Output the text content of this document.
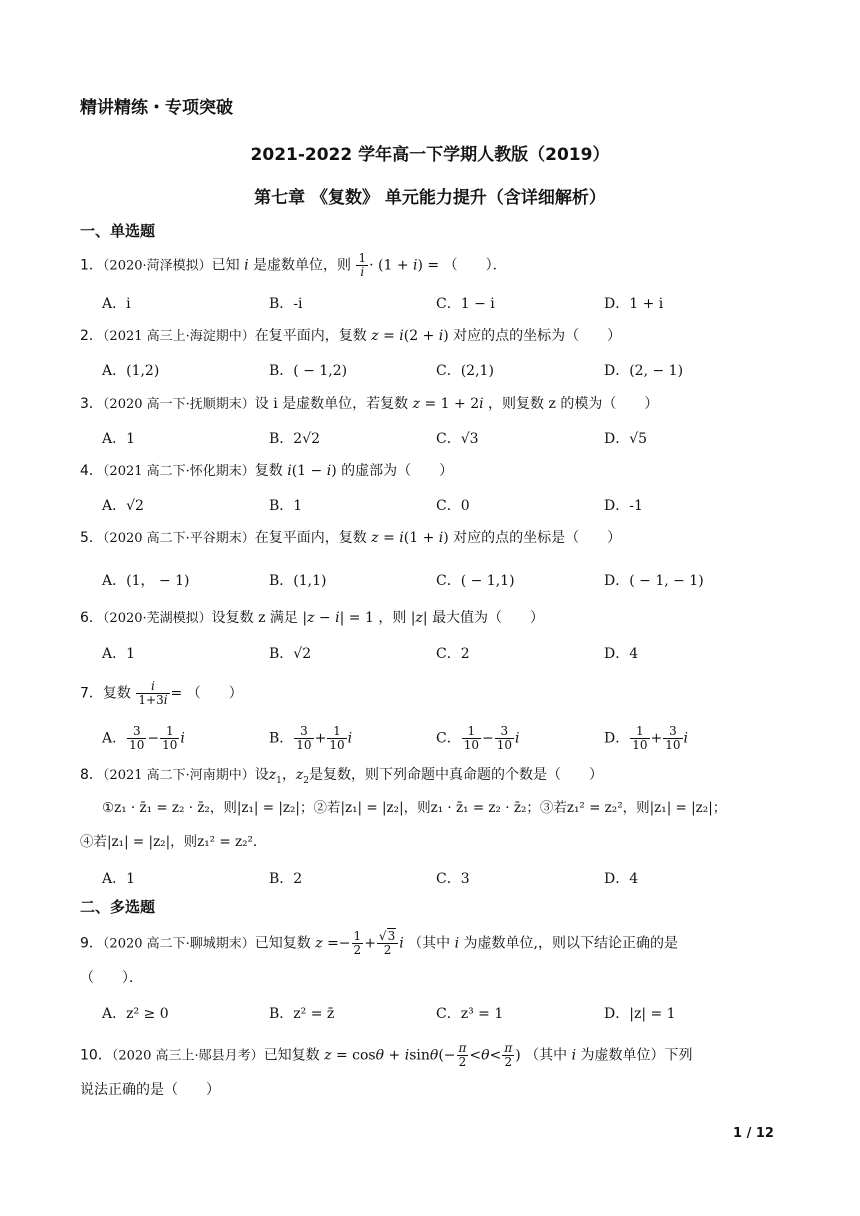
精讲精练・专项突破
2021-2022 学年高一下学期人教版（2019）
第七章 《复数》 单元能力提升（含详细解析）
一、单选题
1．（2020·菏泽模拟）已知 i 是虚数单位，则 $\frac{1}{i} \cdot (1 + i)$ = （　　）．
A．i	B．-i	C．1 − i	D．1 + i
2．（2021 高三上·海淀期中）在复平面内，复数 z = i(2 + i) 对应的点的坐标为（　　）
A．(1,2)	B．( − 1,2)	C．(2,1)	D．(2, − 1)
3．（2020 高一下·抚顺期末）设 i 是虚数单位，若复数 z = 1 + 2i ，则复数 z 的模为（　　）
A．1	B．2√2	C．√3	D．√5
4．（2021 高二下·怀化期末）复数 i(1 − i) 的虚部为（　　）
A．√2	B．1	C．0	D．-1
5．（2020 高二下·平谷期末）在复平面内，复数 z = i(1 + i) 对应的点的坐标是（　　）
A．(1， − 1)	B．(1,1)	C．( − 1,1)	D．( − 1, − 1)
6．（2020·芜湖模拟）设复数 z 满足 |z − i| = 1 ，则 |z| 最大值为（　　）
A．1	B．√2	C．2	D．4
7．复数 $\frac{i}{1+3i}$ = （　　）
A． $\frac{3}{10} - \frac{1}{10}$ i	B． $\frac{3}{10} + \frac{1}{10}$ i	C． $\frac{1}{10} - \frac{3}{10}$ i	D． $\frac{1}{10} + \frac{3}{10}$ i
8．（2021 高二下·河南期中）设$z_1$，$z_2$是复数，则下列命题中真命题的个数是（　　）
①z₁ · z̄₁ = z₂ · z̄₂，则|z₁| = |z₂|；②若|z₁| = |z₂|，则z₁ · z̄₁ = z₂ · z̄₂；③若z₁² = z₂²，则|z₁| = |z₂|；
④若|z₁| = |z₂|，则z₁² = z₂².
A．1	B．2	C．3	D．4
二、多选题
9．（2020 高二下·聊城期末）已知复数 $z =- \frac{1}{2} + \frac{√3}{2}$ i （其中 i 为虚数单位,，则以下结论正确的是
（　　）．
A．z² ≥ 0	B．z² = z̄	C．z³ = 1	D．|z| = 1
10．（2020 高三上·郧县月考）已知复数 $z = \cos\theta + isin\theta(- \frac{\pi}{2} <\theta< \frac{\pi}{2}$ ) （其中 i 为虚数单位）下列
说法正确的是（　　）
1 / 12
